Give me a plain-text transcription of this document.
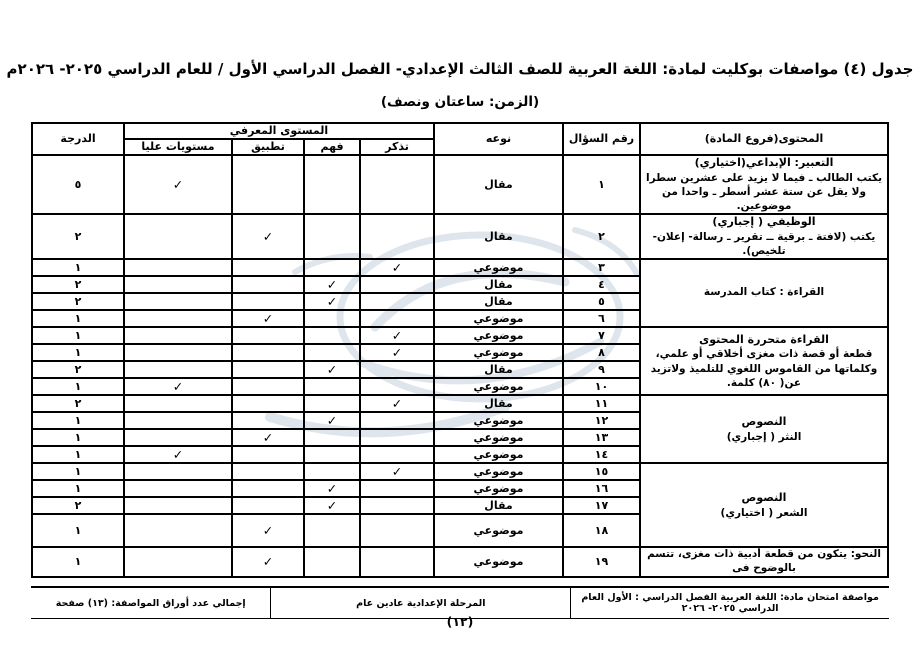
جدول (٤) مواصفات بوكليت لمادة: اللغة العربية للصف الثالث الإعدادي- الفصل الدراسي الأول / للعام الدراسي ٢٠٢٥- ٢٠٢٦م
(الزمن: ساعتان ونصف)
المحتوى(فروع المادة)	رقم السؤال	نوعه	المستوى المعرفي				الدرجة
			تذكر	فهم	تطبيق	مستويات عليا	

التعبير: الإبداعي(اختياري)
يكتب الطالب ـ فيما لا يزيد على عشرين سطرا ولا يقل عن ستة عشر أسطر ـ واحدا من موضوعين.	١	مقال				✓	٥

الوظيفي ( إجباري)
يكتب (لافتة ـ برقية ــ تقرير ـ رسالة- إعلان- تلخيص).	٢	مقال			✓		٢

القراءة : كتاب المدرسة	٣	موضوعي	✓				١
	٤	مقال		✓			٢
	٥	مقال		✓			٢
	٦	موضوعي			✓		١

القراءة متحررة المحتوى
قطعة أو قصة ذات مغزى أخلاقي أو علمي، وكلماتها من القاموس اللغوي للتلميذ ولاتزيد عن( ٨٠) كلمة.	٧	موضوعي	✓				١
	٨	موضوعي	✓				١
	٩	مقال		✓			٢
	١٠	موضوعي				✓	١

النصوص
النثر ( إجباري)	١١	مقال	✓				٢
	١٢	موضوعي		✓			١
	١٣	موضوعي			✓		١
	١٤	موضوعي				✓	١

النصوص
الشعر ( اختياري)	١٥	موضوعي	✓				١
	١٦	موضوعي		✓			١
	١٧	مقال		✓			٢
	١٨	موضوعي			✓		١

النحو: يتكون من قطعة أدبية ذات مغزى، تتسم بالوضوح فى	١٩	موضوعي			✓		١
مواصفة امتحان مادة: اللغة العربية الفصل الدراسي : الأول العام الدراسي ٢٠٢٥- ٢٠٢٦
المرحلة الإعدادية عادين عام
إجمالي عدد أوراق المواصفة: (١٣) صفحة
(١٢)
